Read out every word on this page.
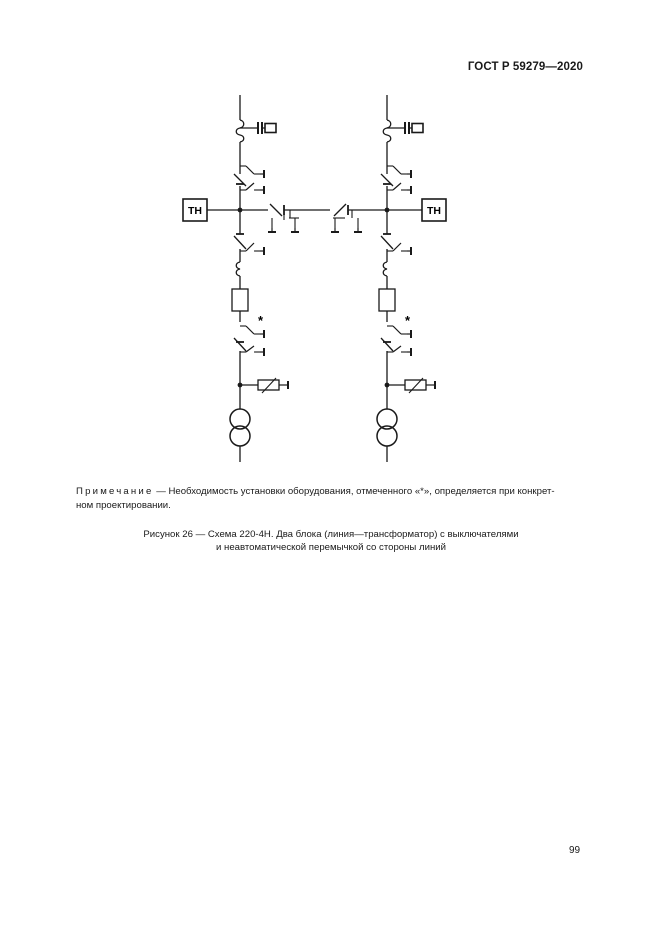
ГОСТ Р 59279—2020
ТН	ТН
*	*
Примечание — Необходимость установки оборудования, отмеченного «*», определяется при конкрет-
ном проектировании.
Рисунок 26 — Схема 220-4Н. Два блока (линия—трансформатор) с выключателями
и неавтоматической перемычкой со стороны линий
99
